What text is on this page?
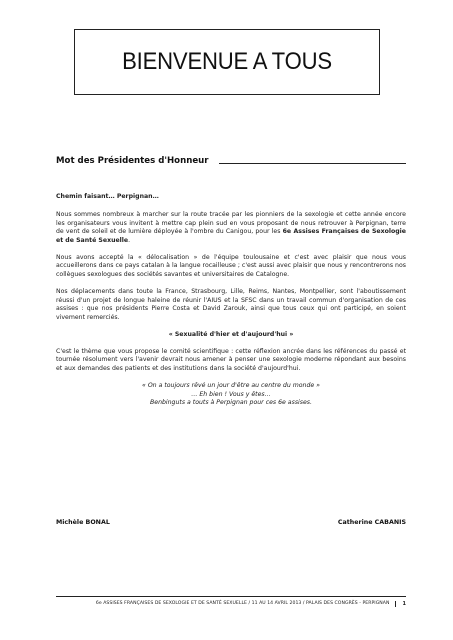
BIENVENUE A TOUS
Mot des Présidentes d'Honneur

Chemin faisant… Perpignan…

Nous sommes nombreux à marcher sur la route tracée par les pionniers de la sexologie et cette année encore les organisateurs vous invitent à mettre cap plein sud en vous proposant de nous retrouver à Perpignan, terre de vent de soleil et de lumière déployée à l'ombre du Canigou, pour les 6e Assises Françaises de Sexologie et de Santé Sexuelle.

Nous avons accepté la « délocalisation » de l'équipe toulousaine et c'est avec plaisir que nous vous accueillerons dans ce pays catalan à la langue rocailleuse ; c'est aussi avec plaisir que nous y rencontrerons nos collègues sexologues des sociétés savantes et universitaires de Catalogne.

Nos déplacements dans toute la France, Strasbourg, Lille, Reims, Nantes, Montpellier, sont l'aboutissement réussi d'un projet de longue haleine de réunir l'AIUS et la SFSC dans un travail commun d'organisation de ces assises : que nos présidents Pierre Costa et David Zarouk, ainsi que tous ceux qui ont participé, en soient vivement remerciés.

« Sexualité d'hier et d'aujourd'hui »

C'est le thème que vous propose le comité scientifique : cette réflexion ancrée dans les références du passé et tournée résolument vers l'avenir devrait nous amener à penser une sexologie moderne répondant aux besoins et aux demandes des patients et des institutions dans la société d'aujourd'hui.

« On a toujours rêvé un jour d'être au centre du monde »
… Eh bien ! Vous y êtes…
Benbinguts a touts à Perpignan pour ces 6e assises.
Michèle BONAL	Catherine CABANIS
6e ASSISES FRANÇAISES DE SEXOLOGIE ET DE SANTÉ SEXUELLE / 11 AU 14 AVRIL 2013 / PALAIS DES CONGRÈS - PERPIGNAN	1
